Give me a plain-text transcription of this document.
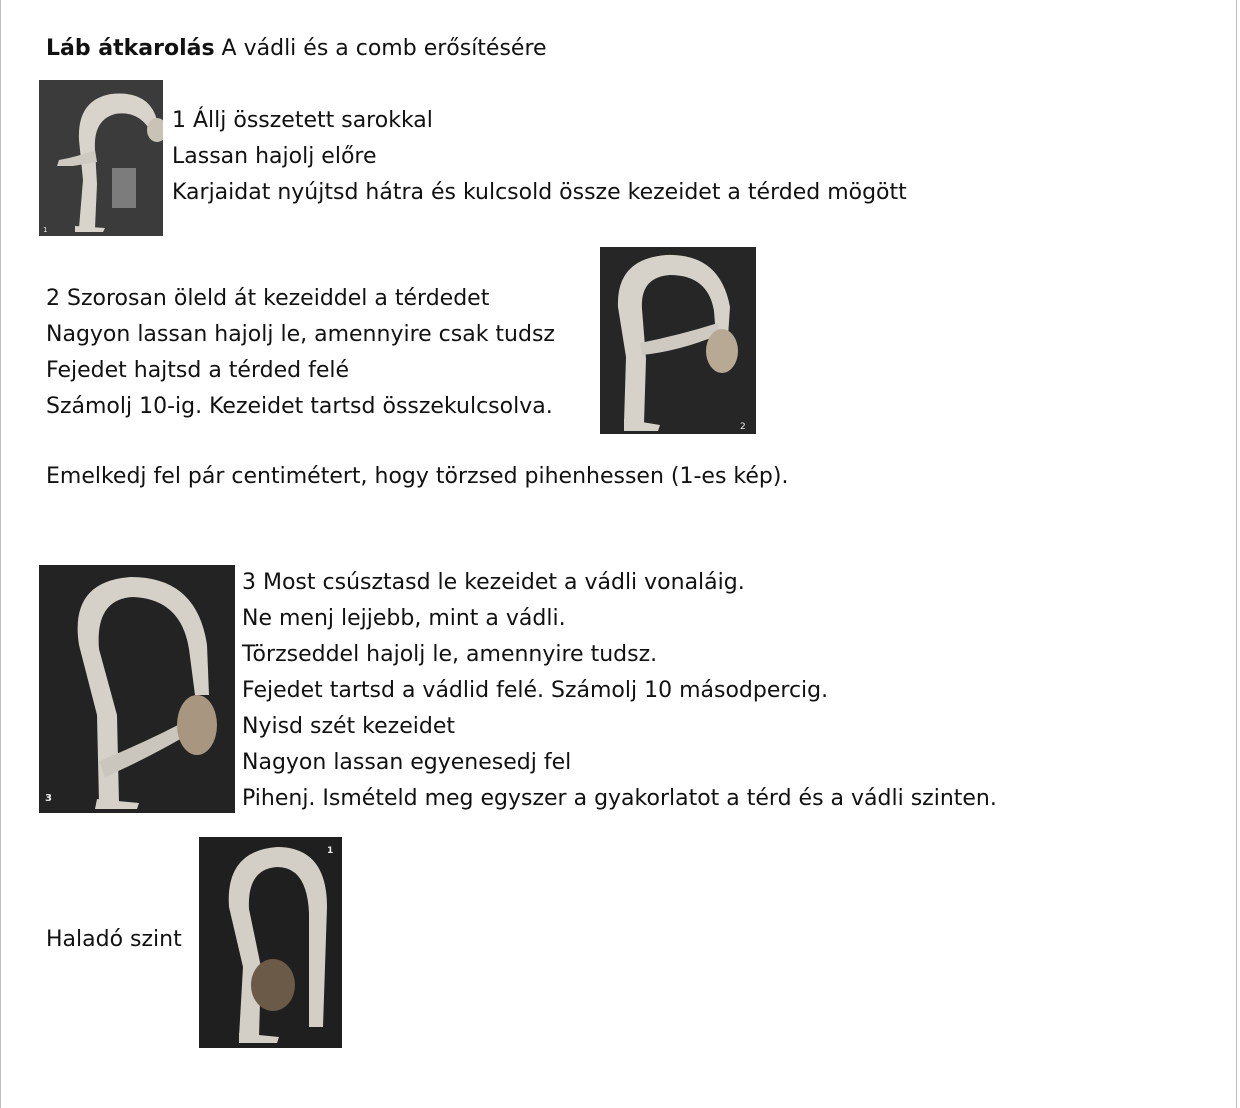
Láb átkarolás A vádli és a comb erősítésére
1
1 Állj összetett sarokkal
Lassan hajolj előre
Karjaidat nyújtsd hátra és kulcsold össze kezeidet a térded mögött
2 Szorosan öleld át kezeiddel a térdedet
Nagyon lassan hajolj le, amennyire csak tudsz
Fejedet hajtsd a térded felé
Számolj 10-ig. Kezeidet tartsd összekulcsolva.
2
Emelkedj fel pár centimétert, hogy törzsed pihenhessen (1-es kép).
3
3 Most csúsztasd le kezeidet a vádli vonaláig.
Ne menj lejjebb, mint a vádli.
Törzseddel hajolj le, amennyire tudsz.
Fejedet tartsd a vádlid felé. Számolj 10 másodpercig.
Nyisd szét kezeidet
Nagyon lassan egyenesedj fel
Pihenj. Ismételd meg egyszer a gyakorlatot a térd és a vádli szinten.
Haladó szint
1
